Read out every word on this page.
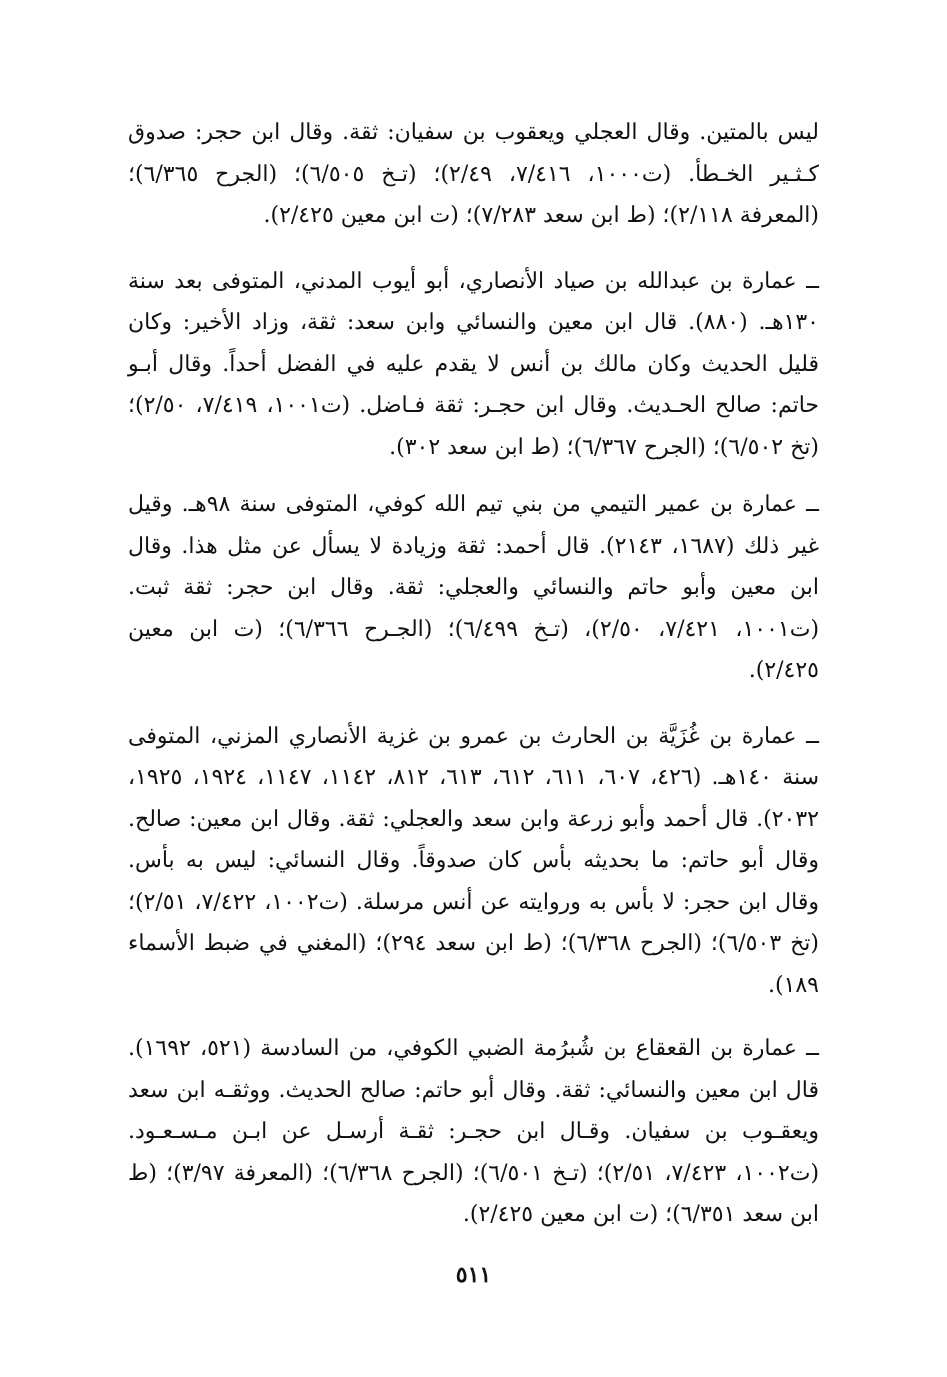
ليس بالمتين. وقال العجلي ويعقوب بن سفيان: ثقة. وقال ابن حجر: صدوق كـثـير الخـطأ. (ت١٠٠٠، ٧/٤١٦، ٢/٤٩)؛ (تـخ ٦/٥٠٥)؛ (الجرح ٦/٣٦٥)؛ (المعرفة ٢/١١٨)؛ (ط ابن سعد ٧/٢٨٣)؛ (ت ابن معين ٢/٤٢٥).

ــ عمارة بن عبدالله بن صياد الأنصاري، أبو أيوب المدني، المتوفى بعد سنة ١٣٠هـ. (٨٨٠). قال ابن معين والنسائي وابن سعد: ثقة، وزاد الأخير: وكان قليل الحديث وكان مالك بن أنس لا يقدم عليه في الفضل أحداً. وقال أبـو حاتم: صالح الحـديث. وقال ابن حجـر: ثقة فـاضل. (ت١٠٠١، ٧/٤١٩، ٢/٥٠)؛ (تخ ٦/٥٠٢)؛ (الجرح ٦/٣٦٧)؛ (ط ابن سعد ٣٠٢).

ــ عمارة بن عمير التيمي من بني تيم الله كوفي، المتوفى سنة ٩٨هـ. وقيل غير ذلك (١٦٨٧، ٢١٤٣). قال أحمد: ثقة وزيادة لا يسأل عن مثل هذا. وقال ابن معين وأبو حاتم والنسائي والعجلي: ثقة. وقال ابن حجر: ثقة ثبت. (ت١٠٠١، ٧/٤٢١، ٢/٥٠)، (تـخ ٦/٤٩٩)؛ (الجـرح ٦/٣٦٦)؛ (ت ابن معين ٢/٤٢٥).

ــ عمارة بن غُزَيَّة بن الحارث بن عمرو بن غزية الأنصاري المزني، المتوفى سنة ١٤٠هـ. (٤٢٦، ٦٠٧، ٦١١، ٦١٢، ٦١٣، ٨١٢، ١١٤٢، ١١٤٧، ١٩٢٤، ١٩٢٥، ٢٠٣٢). قال أحمد وأبو زرعة وابن سعد والعجلي: ثقة. وقال ابن معين: صالح. وقال أبو حاتم: ما بحديثه بأس كان صدوقاً. وقال النسائي: ليس به بأس. وقال ابن حجر: لا بأس به وروايته عن أنس مرسلة. (ت١٠٠٢، ٧/٤٢٢، ٢/٥١)؛ (تخ ٦/٥٠٣)؛ (الجرح ٦/٣٦٨)؛ (ط ابن سعد ٢٩٤)؛ (المغني في ضبط الأسماء ١٨٩).

ــ عمارة بن القعقاع بن شُبرُمة الضبي الكوفي، من السادسة (٥٢١، ١٦٩٢). قال ابن معين والنسائي: ثقة. وقال أبو حاتم: صالح الحديث. ووثقـه ابن سعد ويعقـوب بن سفيان. وقـال ابن حجـر: ثقـة أرسـل عن ابـن مـسـعـود. (ت١٠٠٢، ٧/٤٢٣، ٢/٥١)؛ (تـخ ٦/٥٠١)؛ (الجرح ٦/٣٦٨)؛ (المعرفة ٣/٩٧)؛ (ط ابن سعد ٦/٣٥١)؛ (ت ابن معين ٢/٤٢٥).

٥١١
